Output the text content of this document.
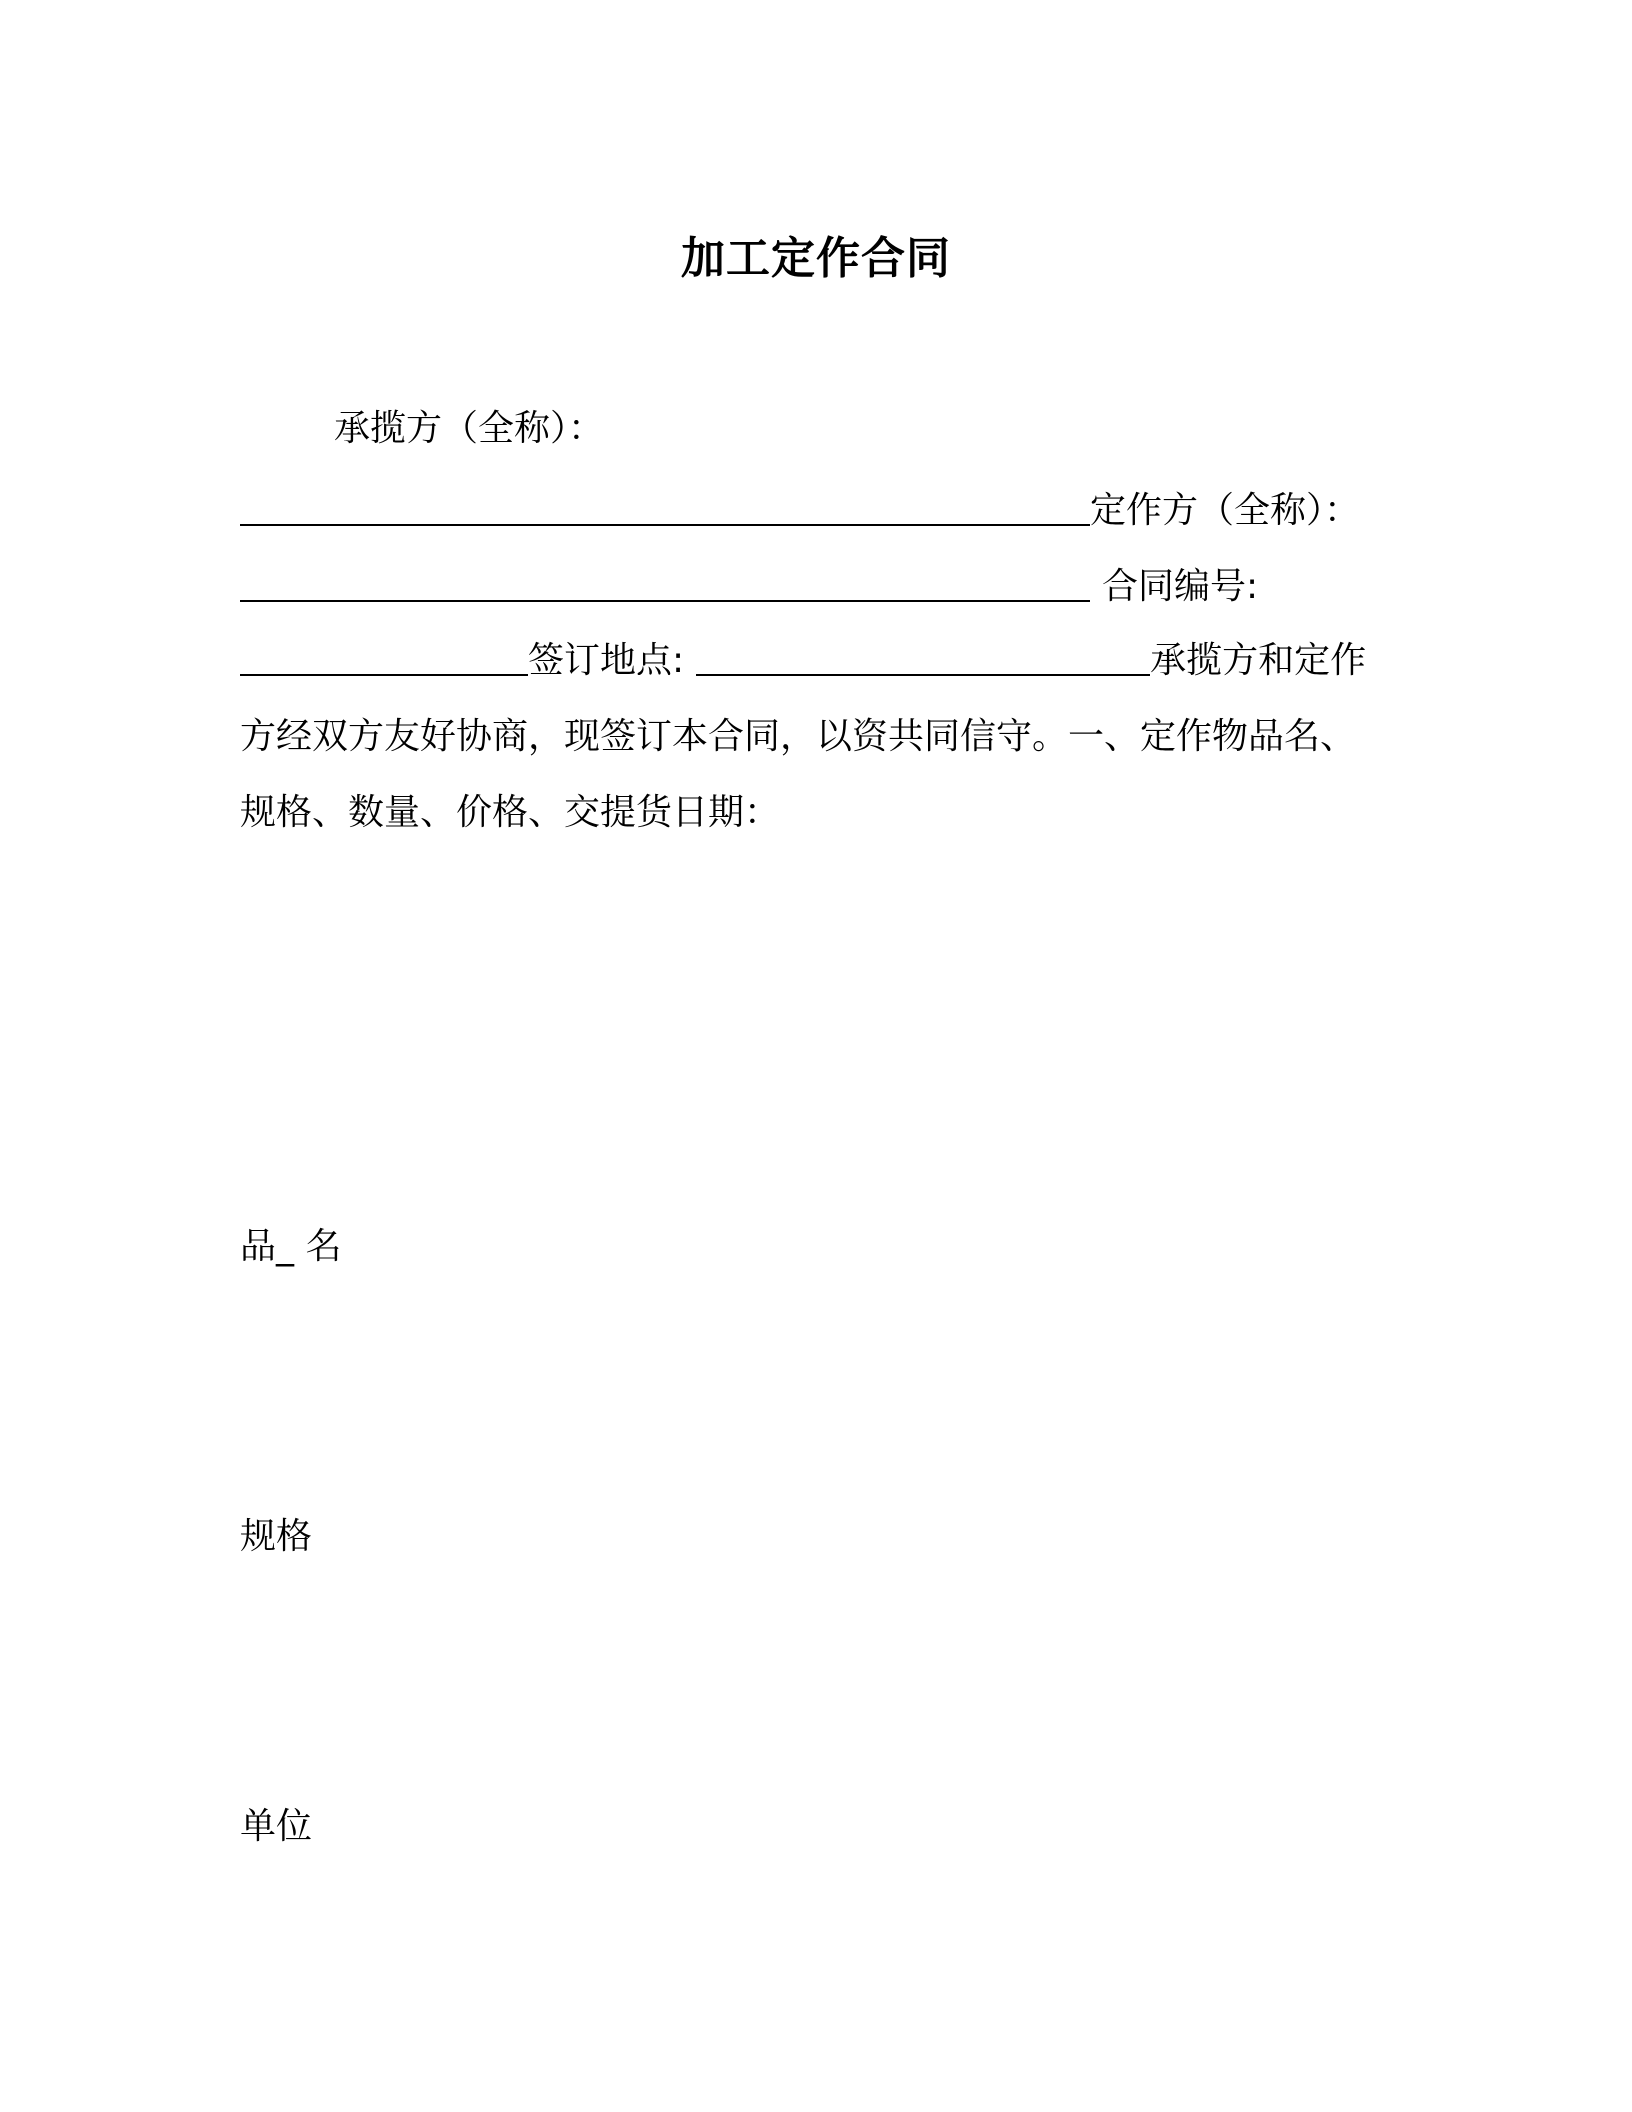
加工定作合同
承揽方（全称）：
定作方（全称）：
合同编号:
签订地点:	承揽方和定作
方经双方友好协商，现签订本合同，以资共同信守。一、定作物品名、
规格、数量、价格、交提货日期：
品_ 名
规格
单位
